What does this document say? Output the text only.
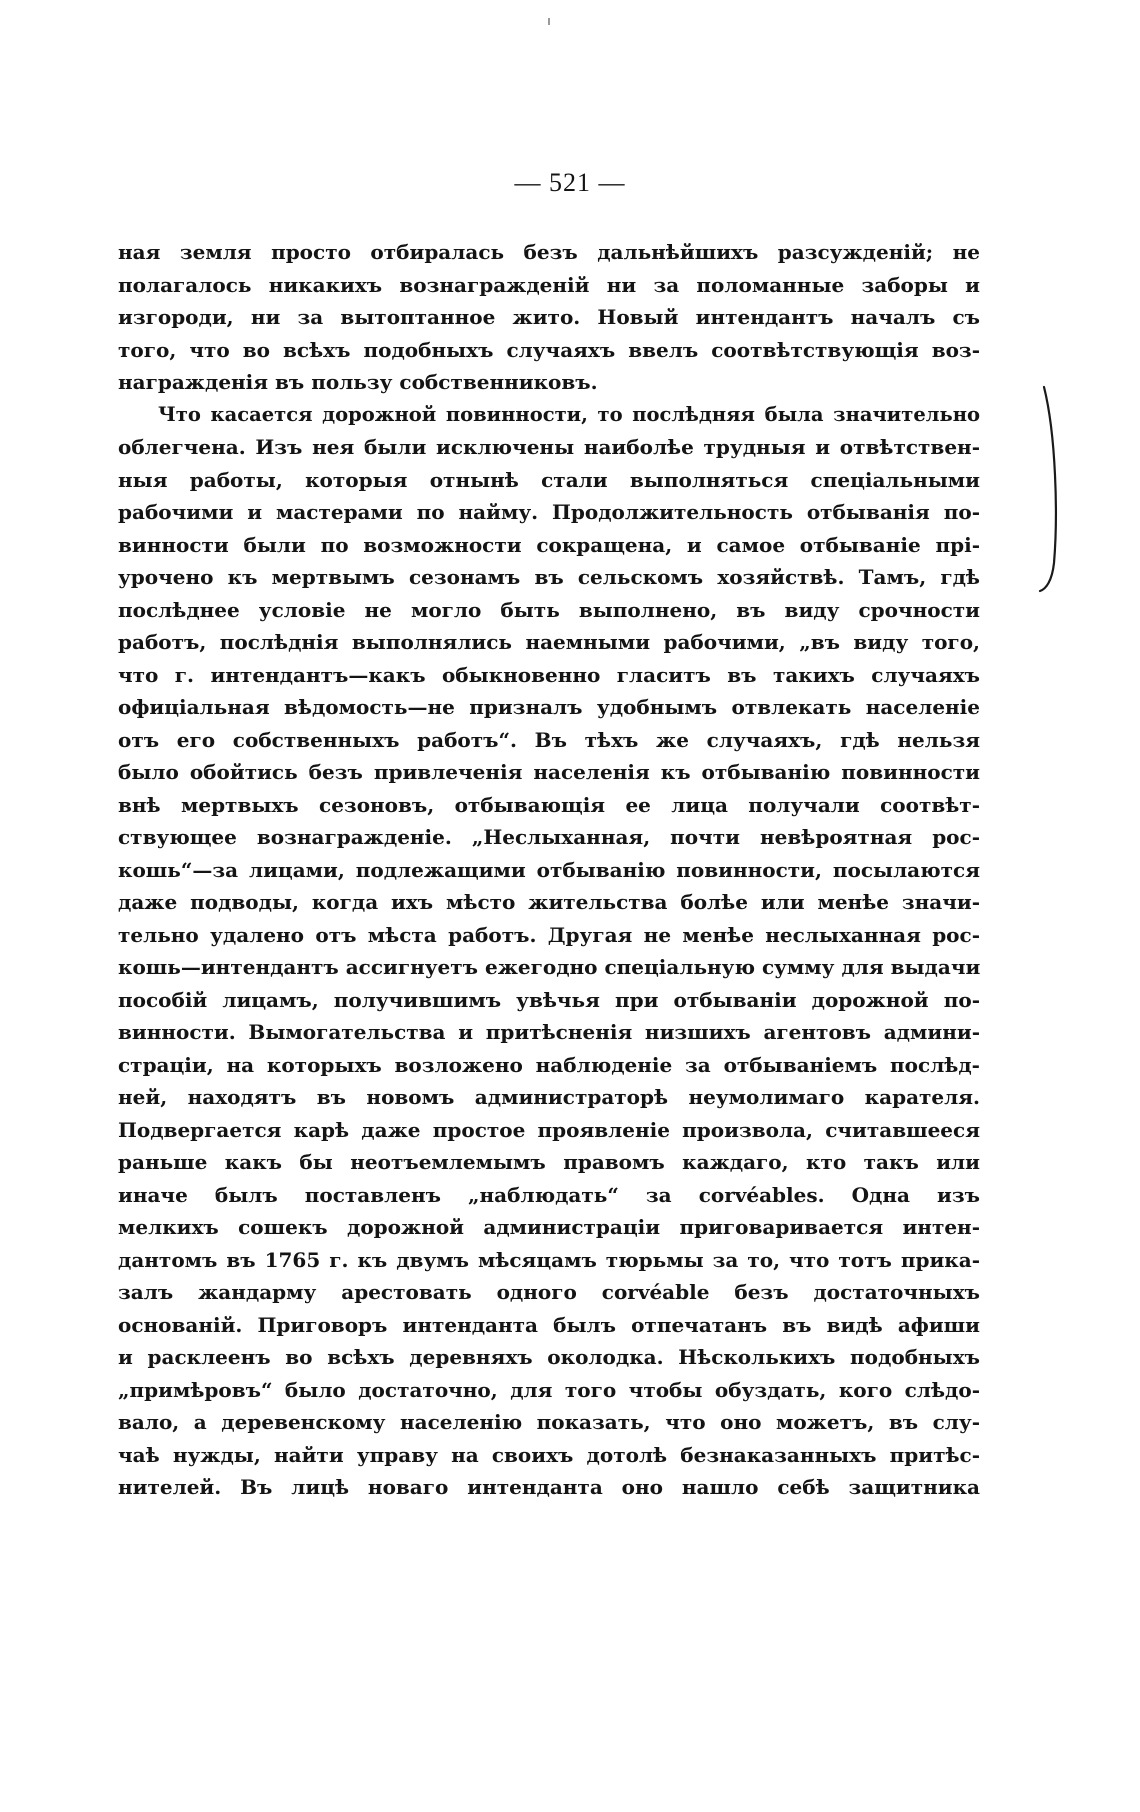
— 521 —
ная земля просто отбиралась безъ дальнѣйшихъ разсужденій; не
полагалось никакихъ вознагражденій ни за поломанные заборы и
изгороди, ни за вытоптанное жито. Новый интендантъ началъ съ
того, что во всѣхъ подобныхъ случаяхъ ввелъ соотвѣтствующія воз-
награжденія въ пользу собственниковъ.
Что касается дорожной повинности, то послѣдняя была значительно
облегчена. Изъ нея были исключены наиболѣе трудныя и отвѣтствен-
ныя работы, которыя отнынѣ стали выполняться спеціальными
рабочими и мастерами по найму. Продолжительность отбыванія по-
винности были по возможности сокращена, и самое отбываніе прі-
урочено къ мертвымъ сезонамъ въ сельскомъ хозяйствѣ. Тамъ, гдѣ
послѣднее условіе не могло быть выполнено, въ виду срочности
работъ, послѣднія выполнялись наемными рабочими, „въ виду того,
что г. интендантъ—какъ обыкновенно гласитъ въ такихъ случаяхъ
офиціальная вѣдомость—не призналъ удобнымъ отвлекать населеніе
отъ его собственныхъ работъ“. Въ тѣхъ же случаяхъ, гдѣ нельзя
было обойтись безъ привлеченія населенія къ отбыванію повинности
внѣ мертвыхъ сезоновъ, отбывающія ее лица получали соотвѣт-
ствующее вознагражденіе. „Неслыханная, почти невѣроятная рос-
кошь“—за лицами, подлежащими отбыванію повинности, посылаются
даже подводы, когда ихъ мѣсто жительства болѣе или менѣе значи-
тельно удалено отъ мѣста работъ. Другая не менѣе неслыханная рос-
кошь—интендантъ ассигнуетъ ежегодно спеціальную сумму для выдачи
пособій лицамъ, получившимъ увѣчья при отбываніи дорожной по-
винности. Вымогательства и притѣсненія низшихъ агентовъ админи-
страціи, на которыхъ возложено наблюденіе за отбываніемъ послѣд-
ней, находятъ въ новомъ администраторѣ неумолимаго карателя.
Подвергается карѣ даже простое проявленіе произвола, считавшееся
раньше какъ бы неотъемлемымъ правомъ каждаго, кто такъ или
иначе былъ поставленъ „наблюдать“ за corvéables. Одна изъ
мелкихъ сошекъ дорожной администраціи приговаривается интен-
дантомъ въ 1765 г. къ двумъ мѣсяцамъ тюрьмы за то, что тотъ прика-
залъ жандарму арестовать одного corvéable безъ достаточныхъ
основаній. Приговоръ интенданта былъ отпечатанъ въ видѣ афиши
и расклеенъ во всѣхъ деревняхъ околодка. Нѣсколькихъ подобныхъ
„примѣровъ“ было достаточно, для того чтобы обуздать, кого слѣдо-
вало, а деревенскому населенію показать, что оно можетъ, въ слу-
чаѣ нужды, найти управу на своихъ дотолѣ безнаказанныхъ притѣс-
нителей. Въ лицѣ новаго интенданта оно нашло себѣ защитника
